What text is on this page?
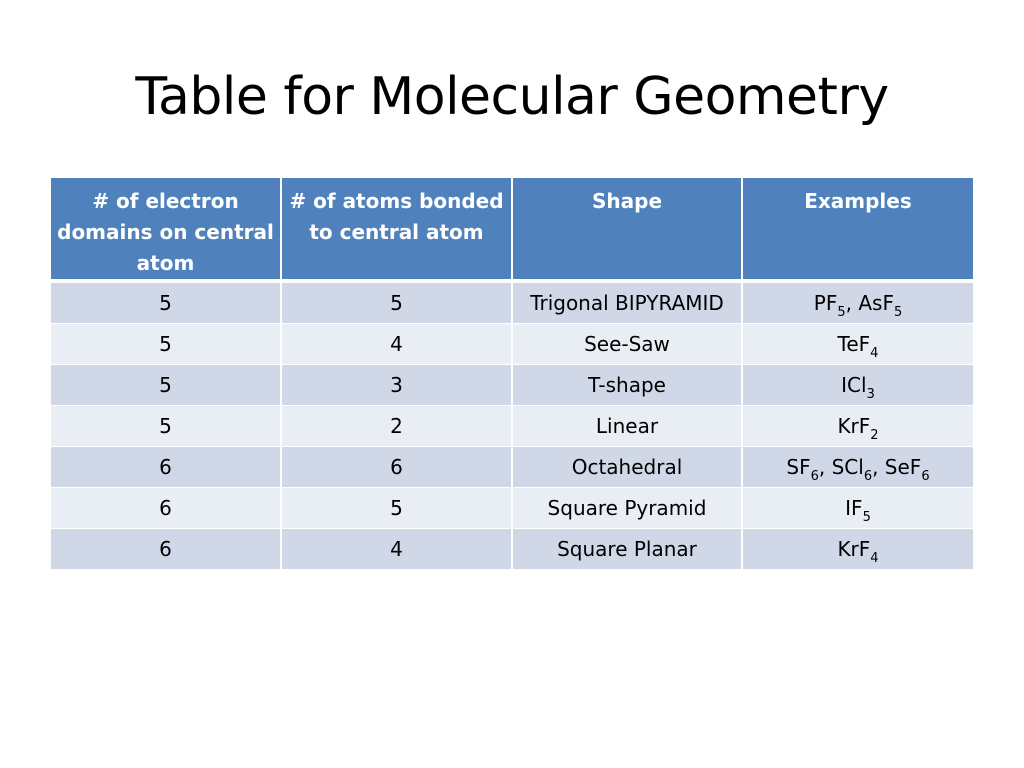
Table for Molecular Geometry
# of electron domains on central atom	# of atoms bonded to central atom	Shape	Examples
5	5	Trigonal BIPYRAMID	$PF_5$, AsF$_5$
5	4	See-Saw	TeF$_4$
5	3	T-shape	ICl$_3$
5	2	Linear	KrF$_2$
6	6	Octahedral	$SF_6$, SCl$_6$, SeF$_6$
6	5	Square Pyramid	$IF_5$
6	4	Square Planar	KrF$_4$
